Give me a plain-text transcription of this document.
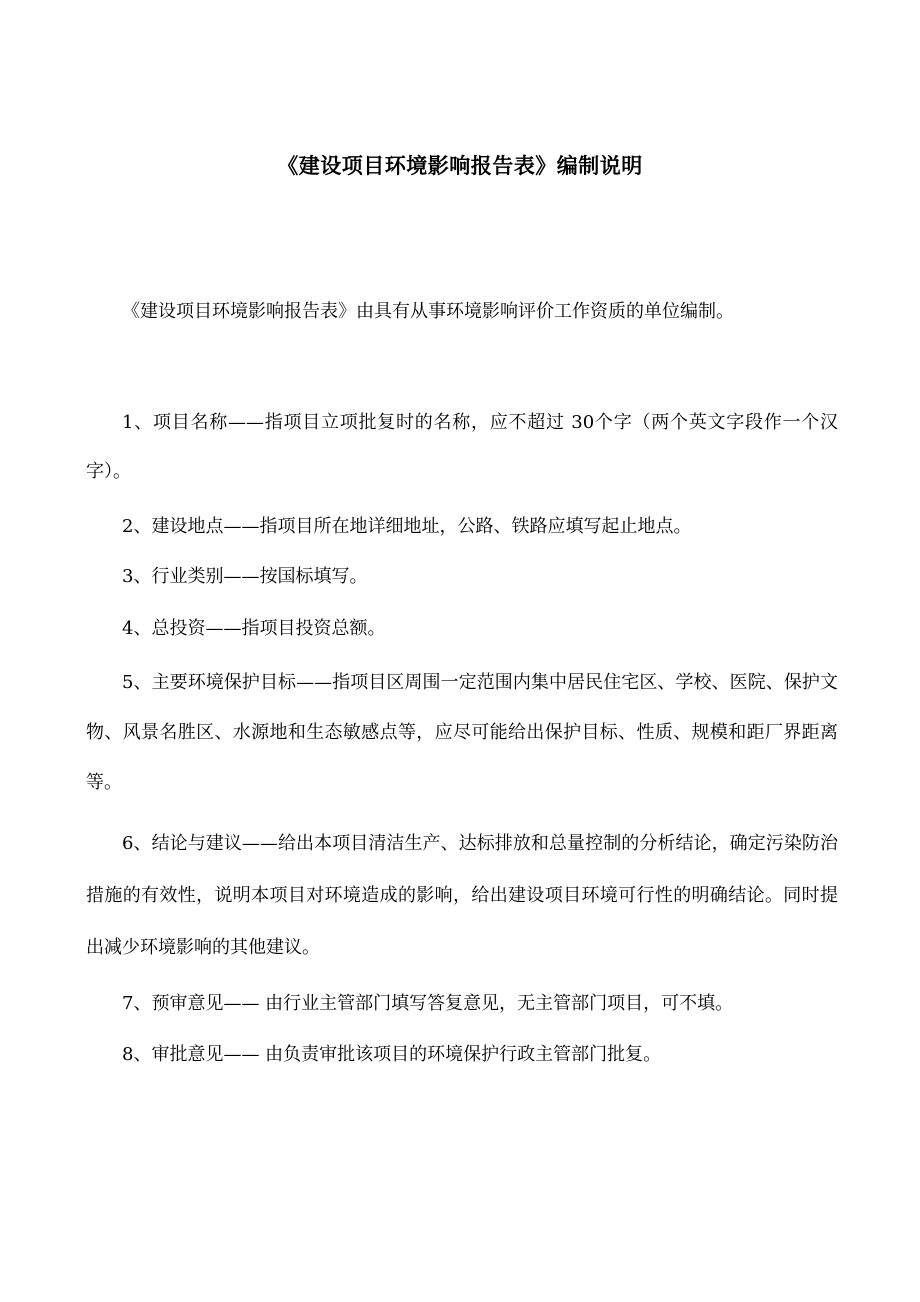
《建设项目环境影响报告表》编制说明

《建设项目环境影响报告表》由具有从事环境影响评价工作资质的单位编制。

1、项目名称——指项目立项批复时的名称，应不超过 30个字（两个英文字段作一个汉字）。

2、建设地点——指项目所在地详细地址，公路、铁路应填写起止地点。

3、行业类别——按国标填写。

4、总投资——指项目投资总额。

5、主要环境保护目标——指项目区周围一定范围内集中居民住宅区、学校、医院、保护文物、风景名胜区、水源地和生态敏感点等，应尽可能给出保护目标、性质、规模和距厂界距离等。

6、结论与建议——给出本项目清洁生产、达标排放和总量控制的分析结论，确定污染防治措施的有效性，说明本项目对环境造成的影响，给出建设项目环境可行性的明确结论。同时提出减少环境影响的其他建议。

7、预审意见—— 由行业主管部门填写答复意见，无主管部门项目，可不填。

8、审批意见—— 由负责审批该项目的环境保护行政主管部门批复。
